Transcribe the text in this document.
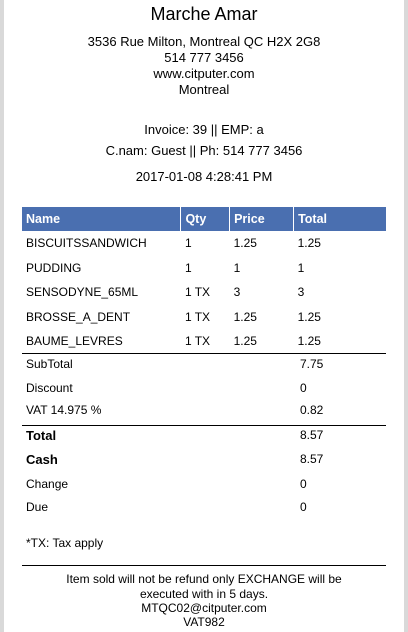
Marche Amar
3536 Rue Milton, Montreal QC H2X 2G8
514 777 3456
www.citputer.com
Montreal
Invoice: 39 || EMP: a
C.nam: Guest || Ph: 514 777 3456
2017-01-08 4:28:41 PM
Name	Qty	Price	Total
BISCUITSSANDWICH	1	1.25	1.25
PUDDING	1	1	1
SENSODYNE_65ML	1 TX	3	3
BROSSE_A_DENT	1 TX	1.25	1.25
BAUME_LEVRES	1 TX	1.25	1.25
SubTotal	7.75
Discount	0
VAT 14.975 %	0.82
Total	8.57
Cash	8.57
Change	0
Due	0
*TX: Tax apply
Item sold will not be refund only EXCHANGE will be
executed with in 5 days.
MTQC02@citputer.com
VAT982
